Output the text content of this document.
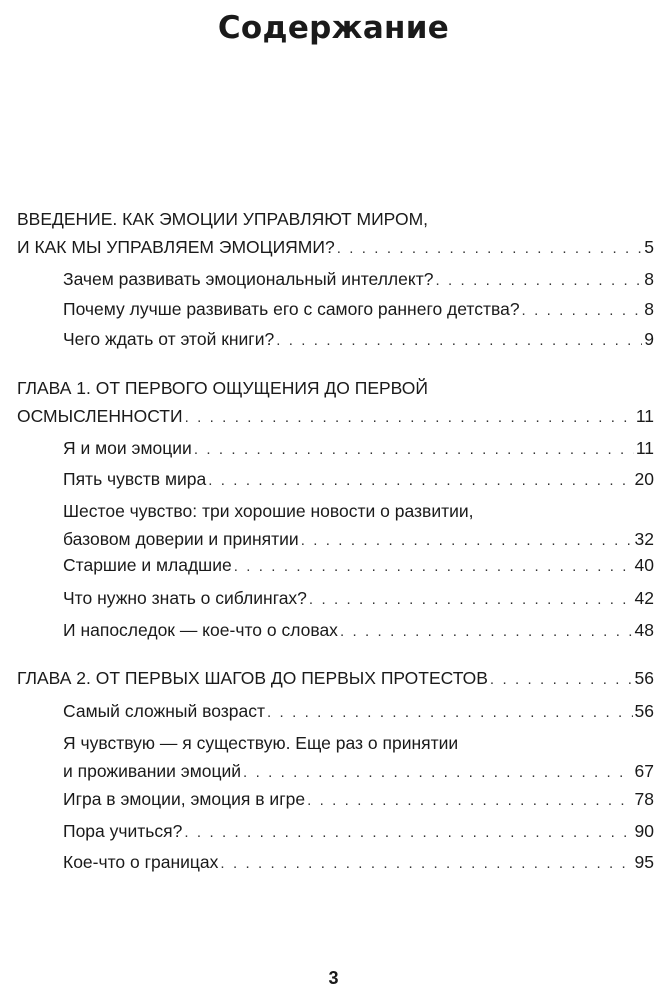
Содержание
ВВЕДЕНИЕ. КАК ЭМОЦИИ УПРАВЛЯЮТ МИРОМ,
И КАК МЫ УПРАВЛЯЕМ ЭМОЦИЯМИ? . . .	5
Зачем развивать эмоциональный интеллект? . . .	8
Почему лучше развивать его с самого раннего детства? . . .	8
Чего ждать от этой книги? . . .	9
ГЛАВА 1. ОТ ПЕРВОГО ОЩУЩЕНИЯ ДО ПЕРВОЙ
ОСМЫСЛЕННОСТИ . . .	11
Я и мои эмоции . . .	11
Пять чувств мира . . .	20
Шестое чувство: три хорошие новости о развитии,
базовом доверии и принятии . . .	32
Старшие и младшие . . .	40
Что нужно знать о сиблингах? . . .	42
И напоследок — кое-что о словах . . .	48
ГЛАВА 2. ОТ ПЕРВЫХ ШАГОВ ДО ПЕРВЫХ ПРОТЕСТОВ . . .	56
Самый сложный возраст . . .	56
Я чувствую — я существую. Еще раз о принятии
и проживании эмоций . . .	67
Игра в эмоции, эмоция в игре . . .	78
Пора учиться? . . .	90
Кое-что о границах . . .	95
3
